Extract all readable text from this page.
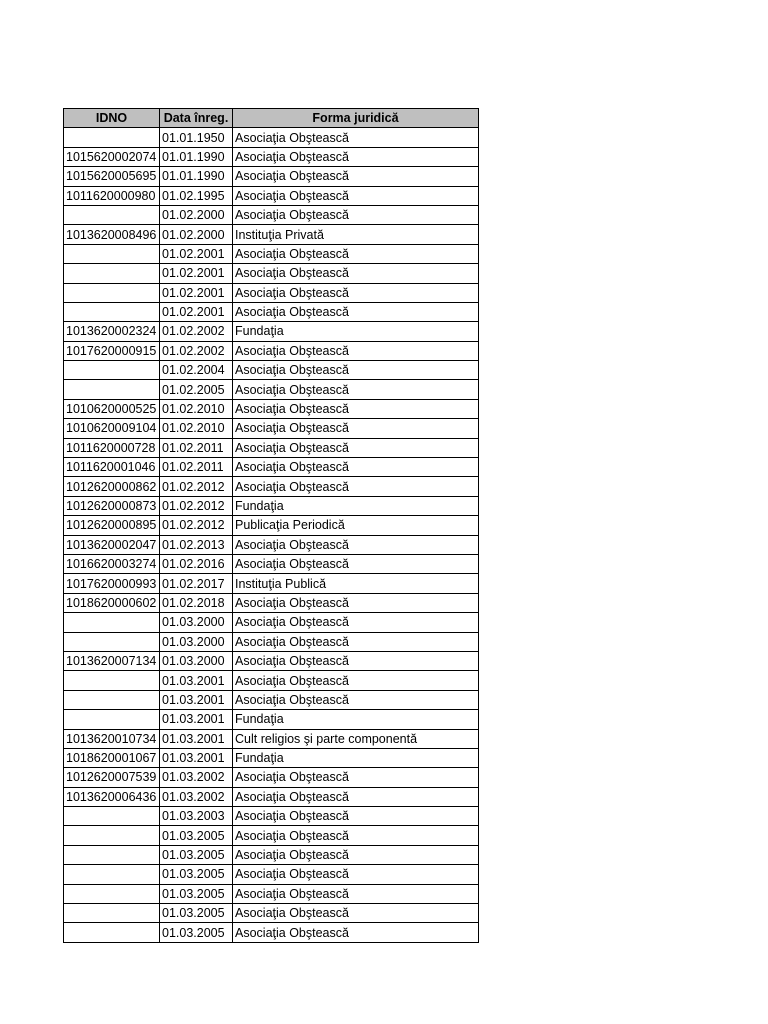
IDNO	Data înreg.	Forma juridică
	01.01.1950	Asociaţia Obştească
1015620002074	01.01.1990	Asociaţia Obştească
1015620005695	01.01.1990	Asociaţia Obştească
1011620000980	01.02.1995	Asociaţia Obştească
	01.02.2000	Asociaţia Obştească
1013620008496	01.02.2000	Instituţia Privată
	01.02.2001	Asociaţia Obştească
	01.02.2001	Asociaţia Obştească
	01.02.2001	Asociaţia Obştească
	01.02.2001	Asociaţia Obştească
1013620002324	01.02.2002	Fundaţia
1017620000915	01.02.2002	Asociaţia Obştească
	01.02.2004	Asociaţia Obştească
	01.02.2005	Asociaţia Obştească
1010620000525	01.02.2010	Asociaţia Obştească
1010620009104	01.02.2010	Asociaţia Obştească
1011620000728	01.02.2011	Asociaţia Obştească
1011620001046	01.02.2011	Asociaţia Obştească
1012620000862	01.02.2012	Asociaţia Obştească
1012620000873	01.02.2012	Fundaţia
1012620000895	01.02.2012	Publicaţia Periodică
1013620002047	01.02.2013	Asociaţia Obştească
1016620003274	01.02.2016	Asociaţia Obştească
1017620000993	01.02.2017	Instituţia Publică
1018620000602	01.02.2018	Asociaţia Obştească
	01.03.2000	Asociaţia Obştească
	01.03.2000	Asociaţia Obştească
1013620007134	01.03.2000	Asociaţia Obştească
	01.03.2001	Asociaţia Obştească
	01.03.2001	Asociaţia Obştească
	01.03.2001	Fundaţia
1013620010734	01.03.2001	Cult religios şi parte componentă
1018620001067	01.03.2001	Fundaţia
1012620007539	01.03.2002	Asociaţia Obştească
1013620006436	01.03.2002	Asociaţia Obştească
	01.03.2003	Asociaţia Obştească
	01.03.2005	Asociaţia Obştească
	01.03.2005	Asociaţia Obştească
	01.03.2005	Asociaţia Obştească
	01.03.2005	Asociaţia Obştească
	01.03.2005	Asociaţia Obştească
	01.03.2005	Asociaţia Obştească
